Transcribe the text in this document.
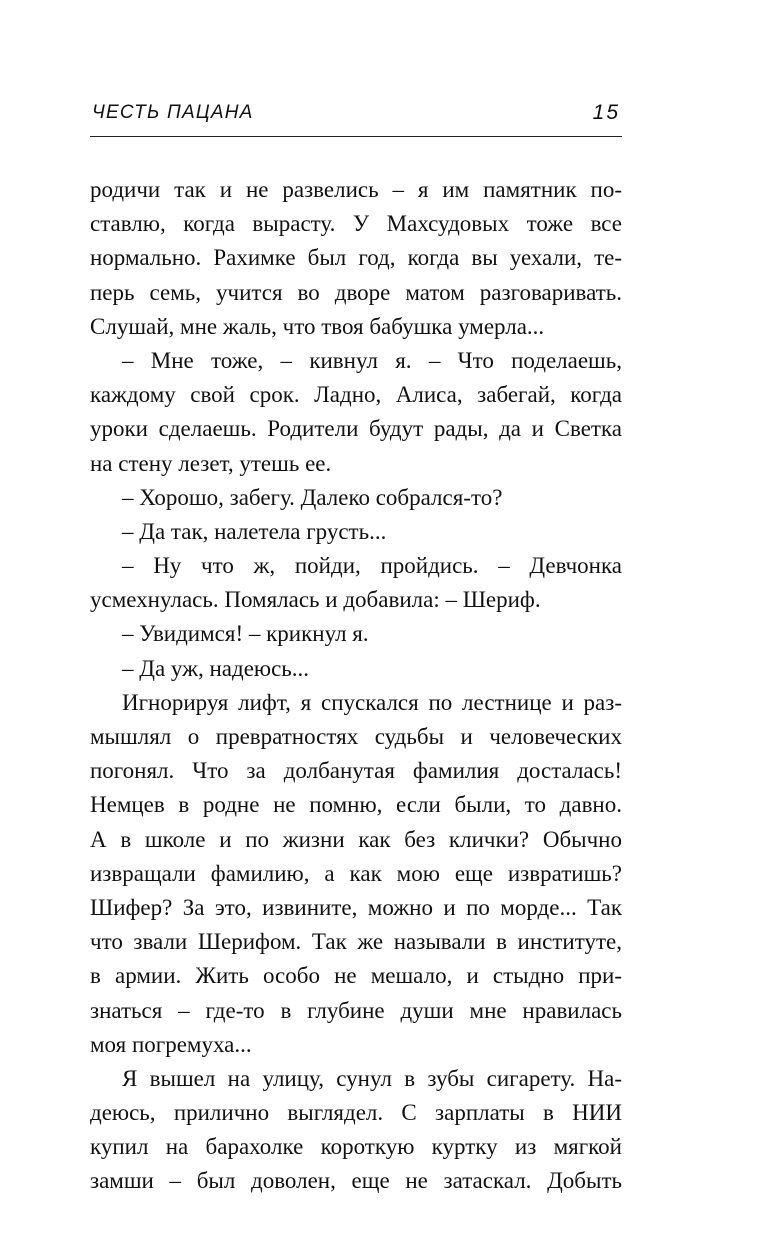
ЧЕСТЬ ПАЦАНА	15
родичи так и не развелись – я им памятник по-
ставлю, когда вырасту. У Махсудовых тоже все
нормально. Рахимке был год, когда вы уехали, те-
перь семь, учится во дворе матом разговаривать.
Слушай, мне жаль, что твоя бабушка умерла...
– Мне тоже, – кивнул я. – Что поделаешь,
каждому свой срок. Ладно, Алиса, забегай, когда
уроки сделаешь. Родители будут рады, да и Светка
на стену лезет, утешь ее.
– Хорошо, забегу. Далеко собрался-то?
– Да так, налетела грусть...
– Ну что ж, пойди, пройдись. – Девчонка
усмехнулась. Помялась и добавила: – Шериф.
– Увидимся! – крикнул я.
– Да уж, надеюсь...
Игнорируя лифт, я спускался по лестнице и раз-
мышлял о превратностях судьбы и человеческих
погонял. Что за долбанутая фамилия досталась!
Немцев в родне не помню, если были, то давно.
А в школе и по жизни как без клички? Обычно
извращали фамилию, а как мою еще извратишь?
Шифер? За это, извините, можно и по морде... Так
что звали Шерифом. Так же называли в институте,
в армии. Жить особо не мешало, и стыдно при-
знаться – где-то в глубине души мне нравилась
моя погремуха...
Я вышел на улицу, сунул в зубы сигарету. На-
деюсь, прилично выглядел. С зарплаты в НИИ
купил на барахолке короткую куртку из мягкой
замши – был доволен, еще не затаскал. Добыть
